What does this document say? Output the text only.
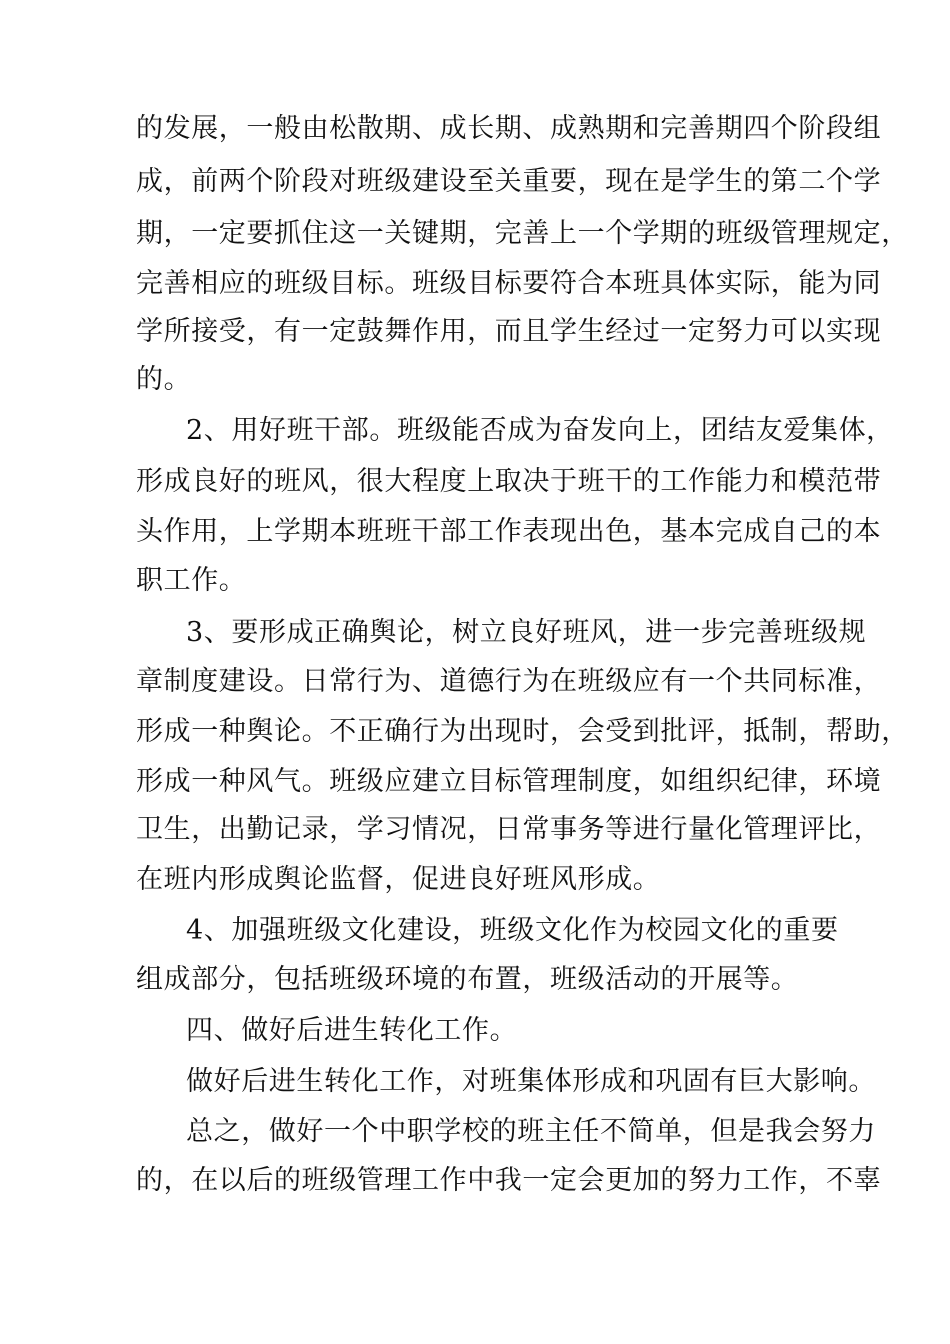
的发展，一般由松散期、成长期、成熟期和完善期四个阶段组
成，前两个阶段对班级建设至关重要，现在是学生的第二个学
期，一定要抓住这一关键期，完善上一个学期的班级管理规定，
完善相应的班级目标。班级目标要符合本班具体实际，能为同
学所接受，有一定鼓舞作用，而且学生经过一定努力可以实现
的。
2、用好班干部。班级能否成为奋发向上，团结友爱集体，
形成良好的班风，很大程度上取决于班干的工作能力和模范带
头作用，上学期本班班干部工作表现出色，基本完成自己的本
职工作。
3、要形成正确舆论，树立良好班风，进一步完善班级规
章制度建设。日常行为、道德行为在班级应有一个共同标准，
形成一种舆论。不正确行为出现时，会受到批评，抵制，帮助，
形成一种风气。班级应建立目标管理制度，如组织纪律，环境
卫生，出勤记录，学习情况，日常事务等进行量化管理评比，
在班内形成舆论监督，促进良好班风形成。
4、加强班级文化建设，班级文化作为校园文化的重要
组成部分，包括班级环境的布置，班级活动的开展等。
四、做好后进生转化工作。
做好后进生转化工作，对班集体形成和巩固有巨大影响。
总之，做好一个中职学校的班主任不简单，但是我会努力
的，在以后的班级管理工作中我一定会更加的努力工作，不辜
